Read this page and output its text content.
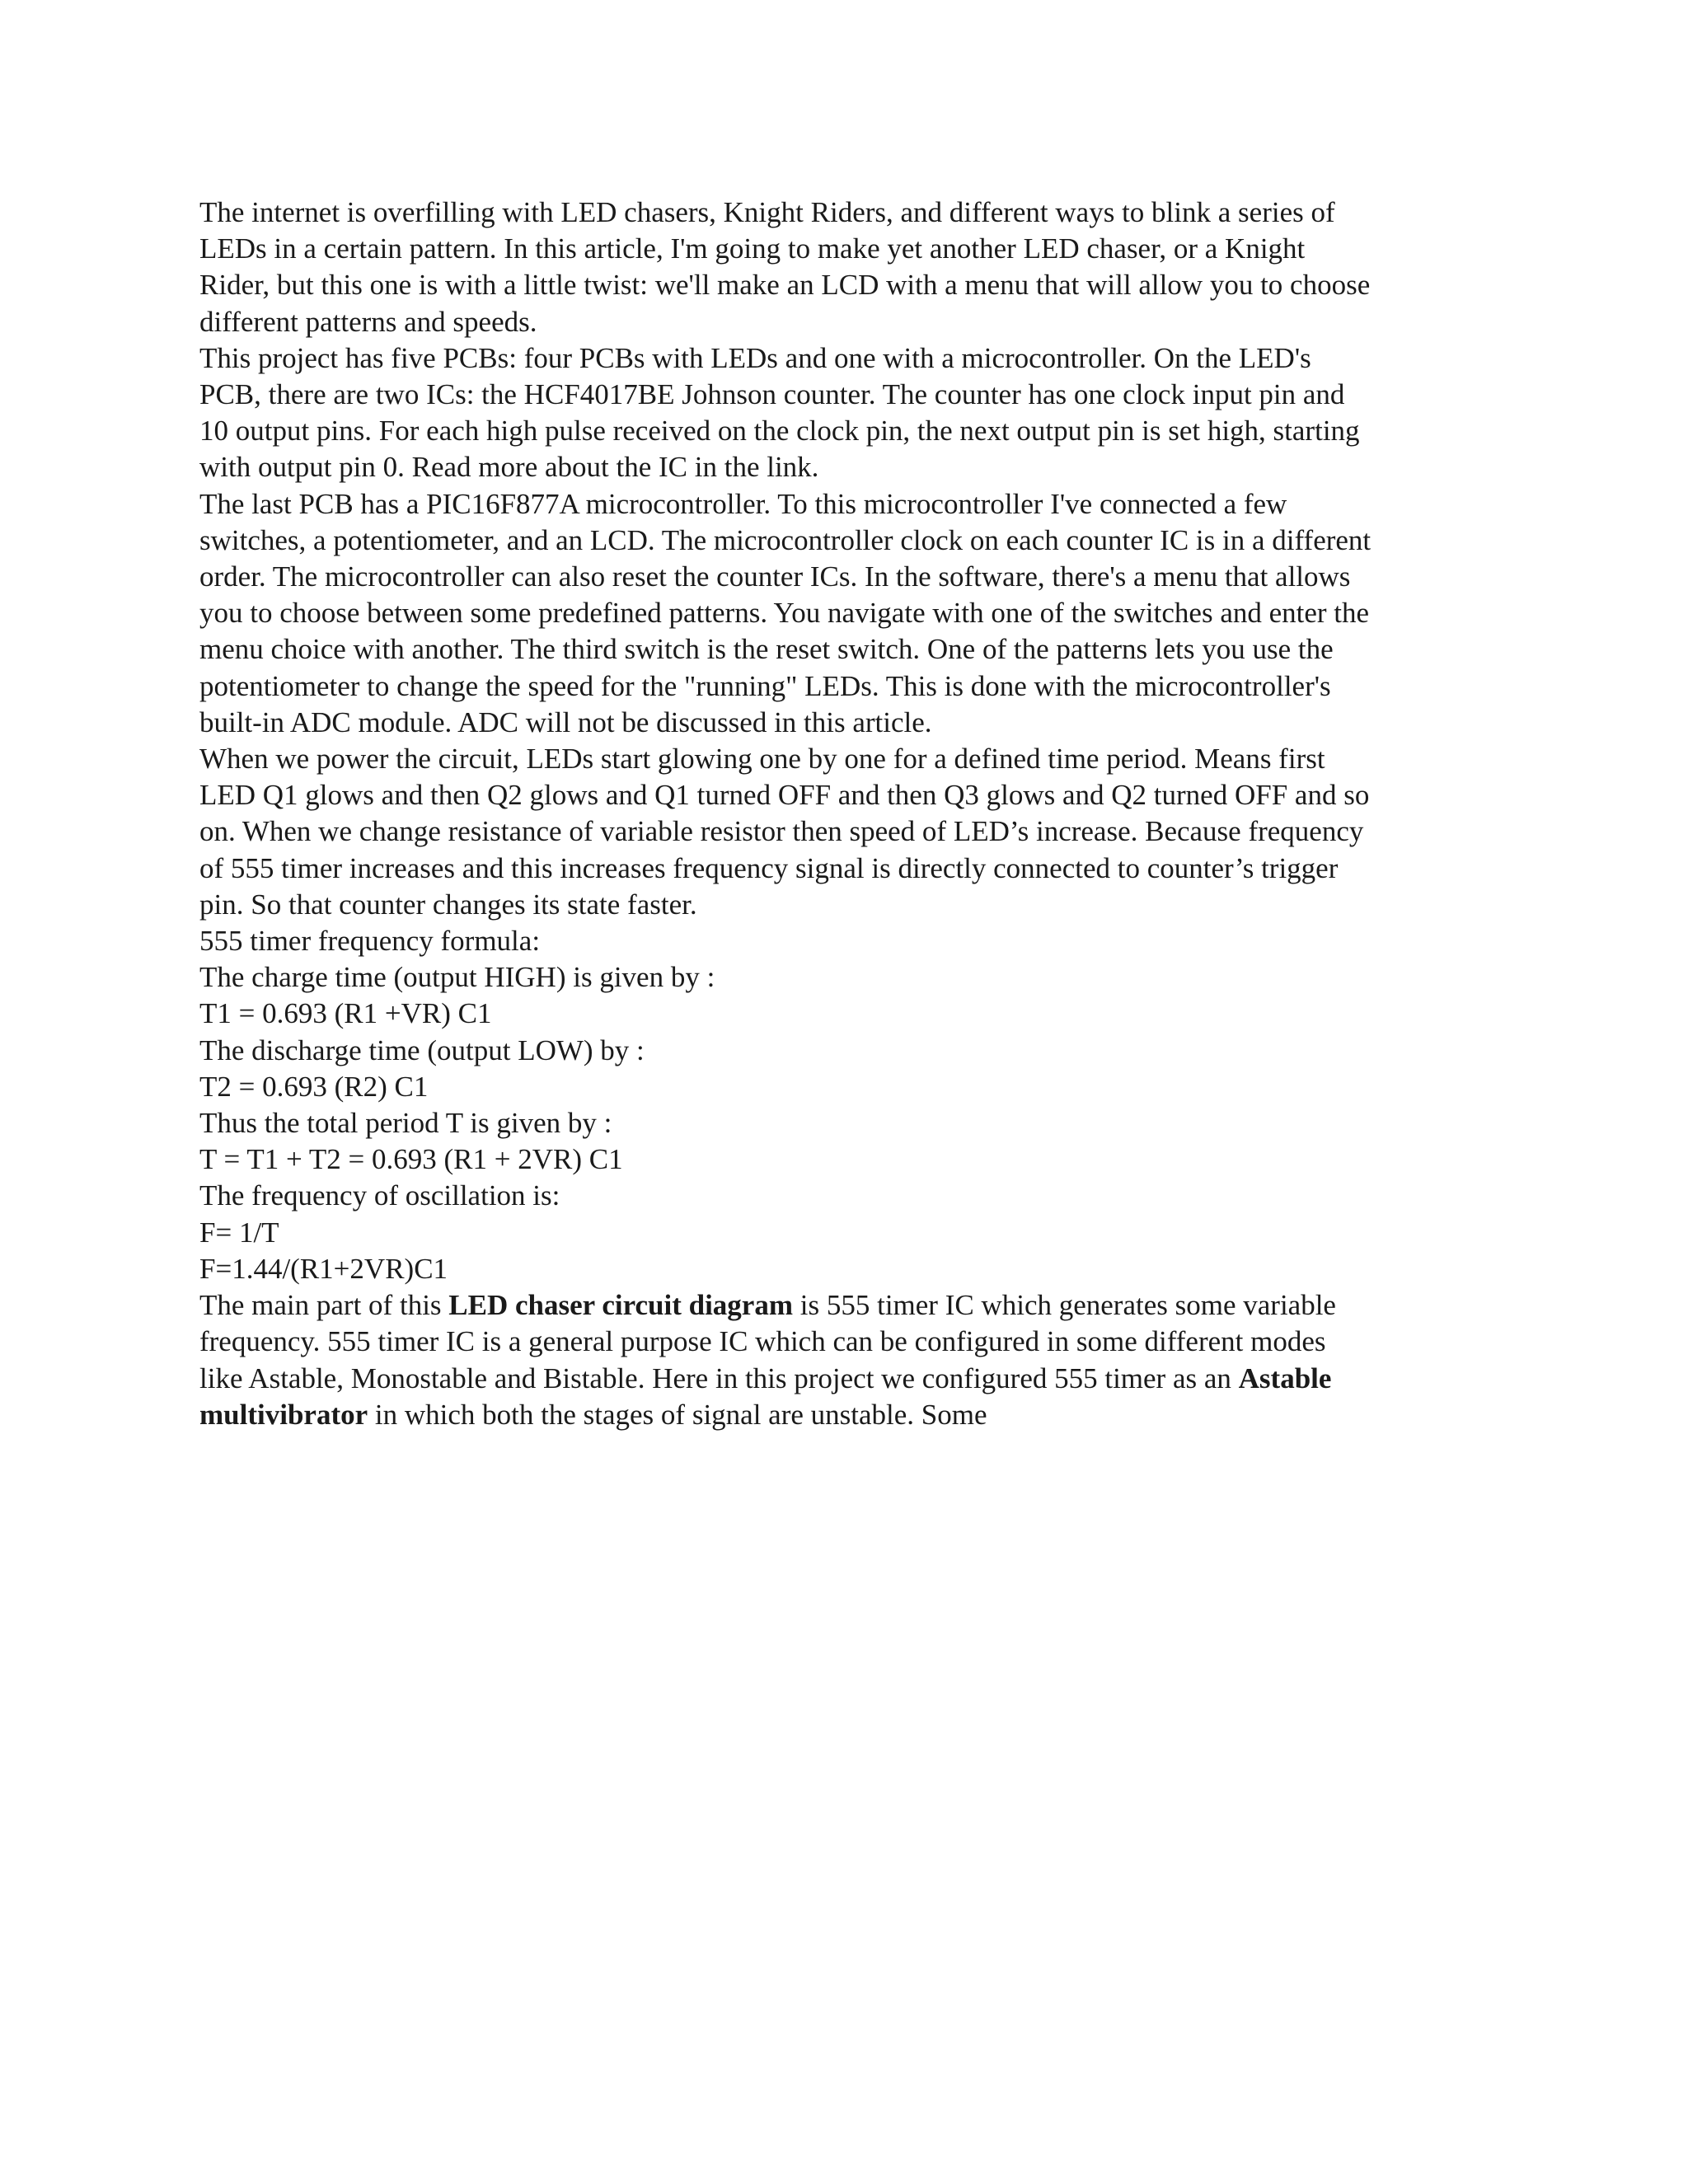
The internet is overfilling with LED chasers, Knight Riders, and different ways to blink a series of
LEDs in a certain pattern. In this article, I'm going to make yet another LED chaser, or a Knight
Rider, but this one is with a little twist: we'll make an LCD with a menu that will allow you to choose
different patterns and speeds.
This project has five PCBs: four PCBs with LEDs and one with a microcontroller. On the LED's
PCB, there are two ICs: the HCF4017BE Johnson counter. The counter has one clock input pin and
10 output pins. For each high pulse received on the clock pin, the next output pin is set high, starting
with output pin 0. Read more about the IC in the link.
The last PCB has a PIC16F877A microcontroller. To this microcontroller I've connected a few
switches, a potentiometer, and an LCD. The microcontroller clock on each counter IC is in a different
order. The microcontroller can also reset the counter ICs. In the software, there's a menu that allows
you to choose between some predefined patterns. You navigate with one of the switches and enter the
menu choice with another. The third switch is the reset switch. One of the patterns lets you use the
potentiometer to change the speed for the "running" LEDs. This is done with the microcontroller's
built-in ADC module. ADC will not be discussed in this article.
When we power the circuit, LEDs start glowing one by one for a defined time period. Means first
LED Q1 glows and then Q2 glows and Q1 turned OFF and then Q3 glows and Q2 turned OFF and so
on. When we change resistance of variable resistor then speed of LED’s increase. Because frequency
of 555 timer increases and this increases frequency signal is directly connected to counter’s trigger
pin. So that counter changes its state faster.
555 timer frequency formula:
The charge time (output HIGH) is given by :
T1 = 0.693 (R1 +VR) C1
The discharge time (output LOW) by :
T2 = 0.693 (R2) C1
Thus the total period T is given by :
T = T1 + T2 = 0.693 (R1 + 2VR) C1
The frequency of oscillation is:
F= 1/T
F=1.44/(R1+2VR)C1
The main part of this LED chaser circuit diagram is 555 timer IC which generates some variable
frequency. 555 timer IC is a general purpose IC which can be configured in some different modes
like Astable, Monostable and Bistable. Here in this project we configured 555 timer as an Astable
multivibrator in which both the stages of signal are unstable. Some
